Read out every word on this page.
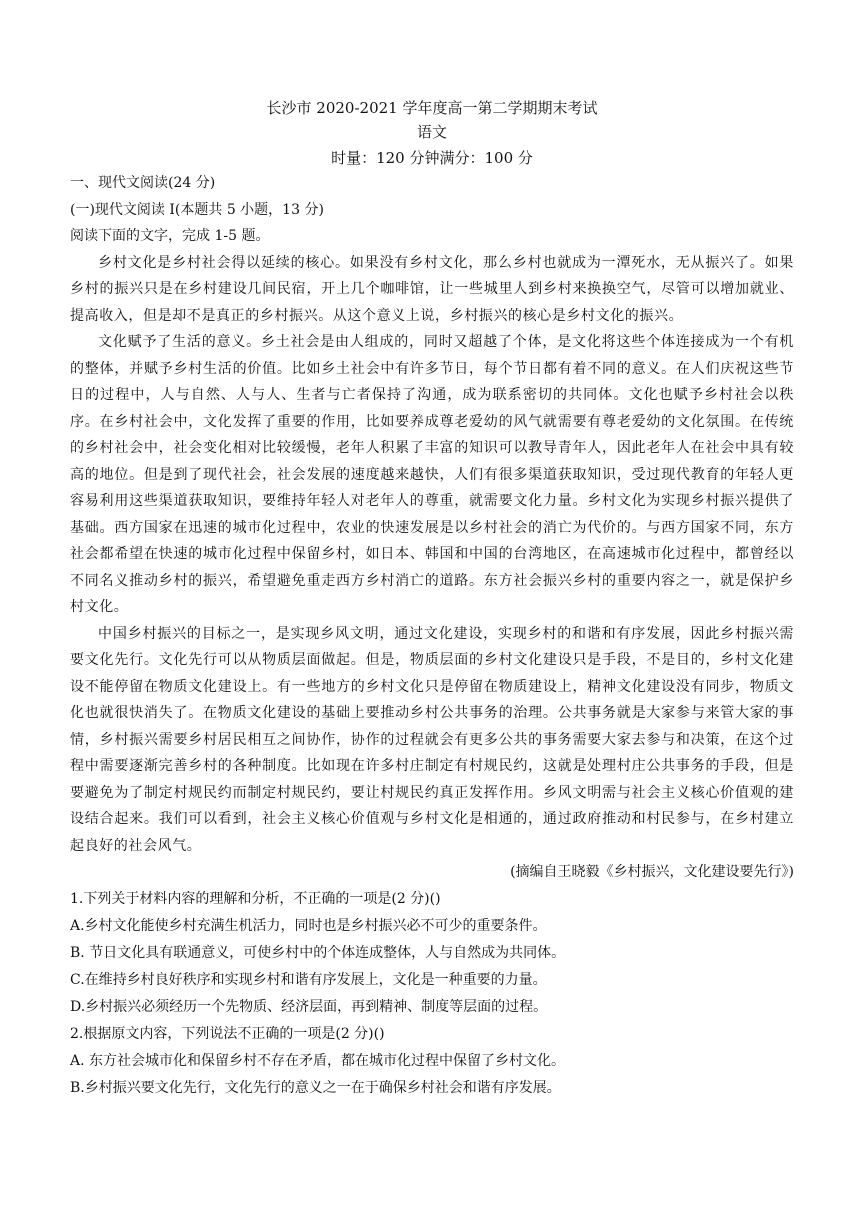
长沙市 2020-2021 学年度高一第二学期期末考试

语文

时量：120 分钟满分：100 分

一、现代文阅读(24 分)

(一)现代文阅读 I(本题共 5 小题，13 分)

阅读下面的文字，完成 1-5 题。

乡村文化是乡村社会得以延续的核心。如果没有乡村文化，那么乡村也就成为一潭死水，无从振兴了。如果乡村的振兴只是在乡村建设几间民宿，开上几个咖啡馆，让一些城里人到乡村来换换空气，尽管可以增加就业、提高收入，但是却不是真正的乡村振兴。从这个意义上说，乡村振兴的核心是乡村文化的振兴。

文化赋予了生活的意义。乡土社会是由人组成的，同时又超越了个体，是文化将这些个体连接成为一个有机的整体，并赋予乡村生活的价值。比如乡土社会中有许多节日，每个节日都有着不同的意义。在人们庆祝这些节日的过程中，人与自然、人与人、生者与亡者保持了沟通，成为联系密切的共同体。文化也赋予乡村社会以秩序。在乡村社会中，文化发挥了重要的作用，比如要养成尊老爱幼的风气就需要有尊老爱幼的文化氛围。在传统的乡村社会中，社会变化相对比较缓慢，老年人积累了丰富的知识可以教导青年人，因此老年人在社会中具有较高的地位。但是到了现代社会，社会发展的速度越来越快，人们有很多渠道获取知识，受过现代教育的年轻人更容易利用这些渠道获取知识，要维持年轻人对老年人的尊重，就需要文化力量。乡村文化为实现乡村振兴提供了基础。西方国家在迅速的城市化过程中，农业的快速发展是以乡村社会的消亡为代价的。与西方国家不同，东方社会都希望在快速的城市化过程中保留乡村，如日本、韩国和中国的台湾地区，在高速城市化过程中，都曾经以不同名义推动乡村的振兴，希望避免重走西方乡村消亡的道路。东方社会振兴乡村的重要内容之一，就是保护乡村文化。

中国乡村振兴的目标之一，是实现乡风文明，通过文化建设，实现乡村的和谐和有序发展，因此乡村振兴需要文化先行。文化先行可以从物质层面做起。但是，物质层面的乡村文化建设只是手段，不是目的，乡村文化建设不能停留在物质文化建设上。有一些地方的乡村文化只是停留在物质建设上，精神文化建设没有同步，物质文化也就很快消失了。在物质文化建设的基础上要推动乡村公共事务的治理。公共事务就是大家参与来管大家的事情，乡村振兴需要乡村居民相互之间协作，协作的过程就会有更多公共的事务需要大家去参与和决策，在这个过程中需要逐渐完善乡村的各种制度。比如现在许多村庄制定有村规民约，这就是处理村庄公共事务的手段，但是要避免为了制定村规民约而制定村规民约，要让村规民约真正发挥作用。乡风文明需与社会主义核心价值观的建设结合起来。我们可以看到，社会主义核心价值观与乡村文化是相通的，通过政府推动和村民参与，在乡村建立起良好的社会风气。

(摘编自王晓毅《乡村振兴，文化建设要先行》)

1.下列关于材料内容的理解和分析，不正确的一项是(2 分)()

A.乡村文化能使乡村充满生机活力，同时也是乡村振兴必不可少的重要条件。

B. 节日文化具有联通意义，可使乡村中的个体连成整体，人与自然成为共同体。

C.在维持乡村良好秩序和实现乡村和谐有序发展上，文化是一种重要的力量。

D.乡村振兴必须经历一个先物质、经济层面，再到精神、制度等层面的过程。

2.根据原文内容，下列说法不正确的一项是(2 分)()

A. 东方社会城市化和保留乡村不存在矛盾，都在城市化过程中保留了乡村文化。

B.乡村振兴要文化先行，文化先行的意义之一在于确保乡村社会和谐有序发展。
